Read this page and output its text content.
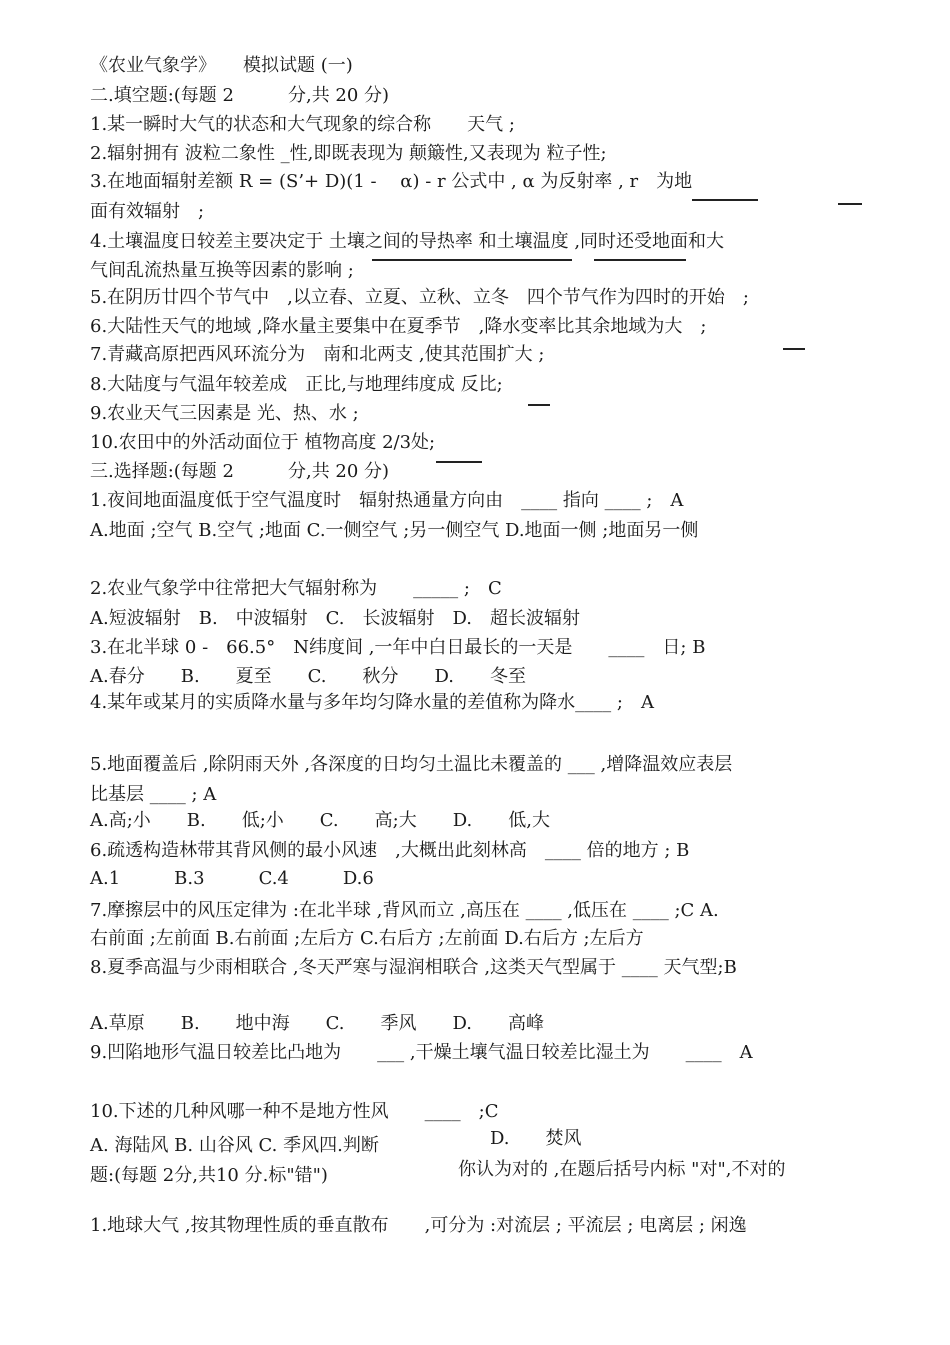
《农业气象学》　　模拟试题 (一)
二.填空题:(每题 2　　　分,共 20 分)
1.某一瞬时大气的状态和大气现象的综合称　　天气 ;
2.辐射拥有 波粒二象性 _性,即既表现为 颠簸性,又表现为 粒子性;
3.在地面辐射差额 R = (S’+ D)(1 -　 α) - r 公式中 , α 为反射率 , r　为地
面有效辐射　;
4.土壤温度日较差主要决定于 土壤之间的导热率 和土壤温度 ,同时还受地面和大
气间乱流热量互换等因素的影响 ;
5.在阴历廿四个节气中　,以立春、立夏、立秋、立冬　四个节气作为四时的开始　;
6.大陆性天气的地域 ,降水量主要集中在夏季节　,降水变率比其余地域为大　;
7.青藏高原把西风环流分为　南和北两支 ,使其范围扩大 ;
8.大陆度与气温年较差成　正比,与地理纬度成 反比;
9.农业天气三因素是 光、热、水 ;
10.农田中的外活动面位于 植物高度 2/3处;
三.选择题:(每题 2　　　分,共 20 分)
1.夜间地面温度低于空气温度时　辐射热通量方向由　____ 指向 ____ ;　A
A.地面 ;空气 B.空气 ;地面 C.一侧空气 ;另一侧空气 D.地面一侧 ;地面另一侧
2.农业气象学中往常把大气辐射称为　　_____ ;　C
A.短波辐射　B.　中波辐射　C.　长波辐射　D.　超长波辐射
3.在北半球 0 -　66.5°　N纬度间 ,一年中白日最长的一天是　　____　日; B
A.春分　　B.　　夏至　　C.　　秋分　　D.　　冬至
4.某年或某月的实质降水量与多年均匀降水量的差值称为降水____ ;　A
5.地面覆盖后 ,除阴雨天外 ,各深度的日均匀土温比未覆盖的 ___ ,增降温效应表层
比基层 ____ ; A
A.高;小　　B.　　低;小　　C.　　高;大　　D.　　低,大
6.疏透构造林带其背风侧的最小风速　,大概出此刻林高　____ 倍的地方 ; B
A.1　　　B.3　　　C.4　　　D.6
7.摩擦层中的风压定律为 :在北半球 ,背风而立 ,高压在 ____ ,低压在 ____ ;C A.
右前面 ;左前面 B.右前面 ;左后方 C.右后方 ;左前面 D.右后方 ;左后方
8.夏季高温与少雨相联合 ,冬天严寒与湿润相联合 ,这类天气型属于 ____ 天气型;B
A.草原　　B.　　地中海　　C.　　季风　　D.　　高峰
9.凹陷地形气温日较差比凸地为　　___ ,干燥土壤气温日较差比湿土为　　____　A
10.下述的几种风哪一种不是地方性风　　____　;C
A. 海陆风 B. 山谷风 C. 季风四.判断	D.　　焚风
题:(每题 2分,共10 分.标"错")	你认为对的 ,在题后括号内标 "对",不对的
1.地球大气 ,按其物理性质的垂直散布　　,可分为 :对流层 ; 平流层 ; 电离层 ; 闲逸
